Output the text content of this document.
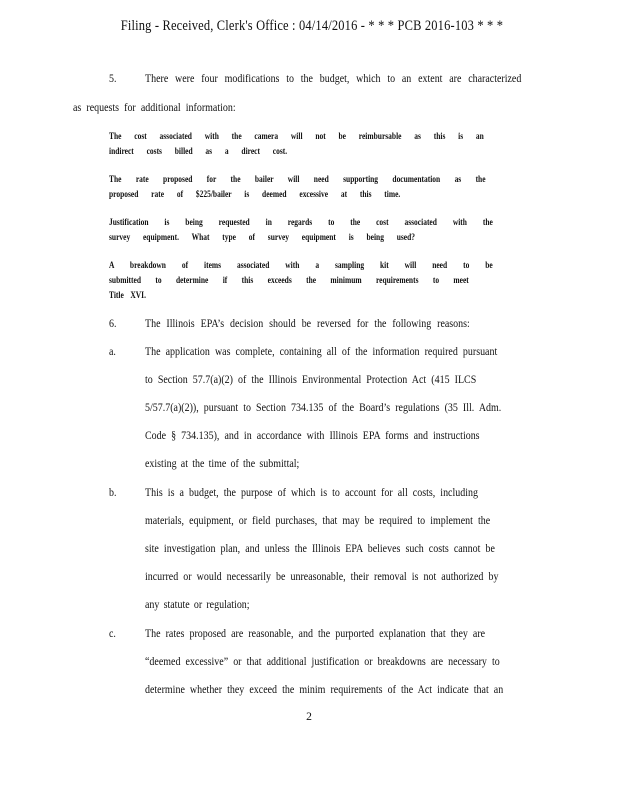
Filing - Received, Clerk's Office : 04/14/2016 - * * * PCB 2016-103 * * *
5. There were four modifications to the budget, which to an extent are characterized
as requests for additional information:
The cost associated with the camera will not be reimbursable as this is an
indirect costs billed as a direct cost.
The rate proposed for the bailer will need supporting documentation as the
proposed rate of $225/bailer is deemed excessive at this time.
Justification is being requested in regards to the cost associated with the
survey equipment. What type of survey equipment is being used?
A breakdown of items associated with a sampling kit will need to be
submitted to determine if this exceeds the minimum requirements to meet
Title XVI.
6. The Illinois EPA’s decision should be reversed for the following reasons:
a.	The application was complete, containing all of the information required pursuant
to Section 57.7(a)(2) of the Illinois Environmental Protection Act (415 ILCS
5/57.7(a)(2)), pursuant to Section 734.135 of the Board’s regulations (35 Ill. Adm.
Code § 734.135), and in accordance with Illinois EPA forms and instructions
existing at the time of the submittal;
b. This is a budget, the purpose of which is to account for all costs, including
materials, equipment, or field purchases, that may be required to implement the
site investigation plan, and unless the Illinois EPA believes such costs cannot be
incurred or would necessarily be unreasonable, their removal is not authorized by
any statute or regulation;
c.	The rates proposed are reasonable, and the purported explanation that they are
“deemed excessive” or that additional justification or breakdowns are necessary to
determine whether they exceed the minim requirements of the Act indicate that an
2
